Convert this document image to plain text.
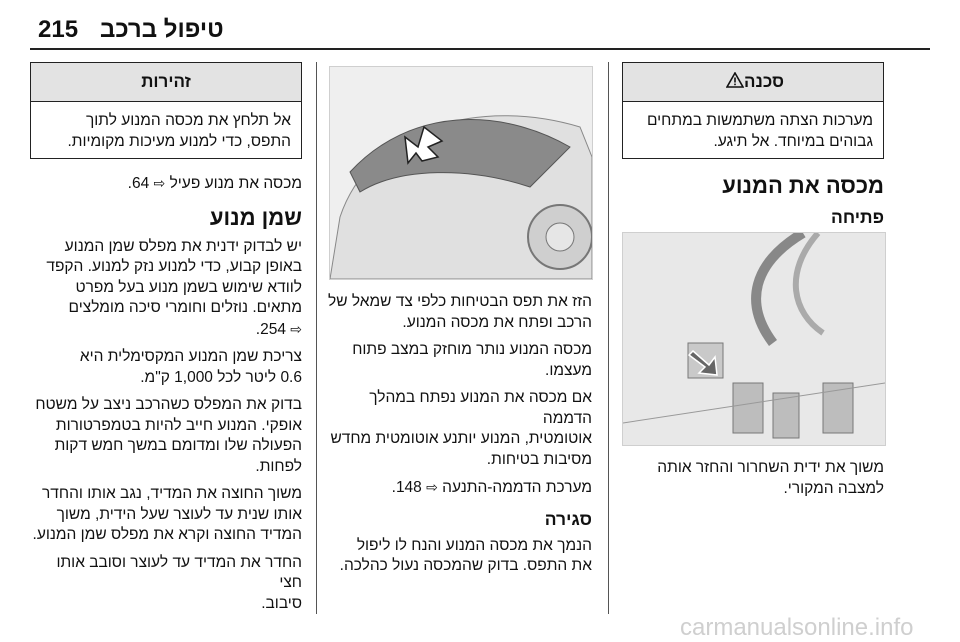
215 טיפול ברכב
סכנה
מערכות הצתה משתמשות במתחים
גבוהים במיוחד. אל תיגע.
מכסה את המנוע
פתיחה

משוך את ידית השחרור והחזר אותה

למצבה המקורי.

הזז את תפס הבטיחות כלפי צד שמאל של
הרכב ופתח את מכסה המנוע.

מכסה המנוע נותר מוחזק במצב פתוח
מעצמו.

אם מכסה את המנוע נפתח במהלך הדממה
אוטומטית, המנוע יותנע אוטומטית מחדש
מסיבות בטיחות.

מערכת הדממה-התנעה ⇨ 148.

סגירה

הנמך את מכסה המנוע והנח לו ליפול
את התפס. בדוק שהמכסה נעול כהלכה.

זהירות
אל תלחץ את מכסה המנוע לתוך
התפס, כדי למנוע מעיכות מקומיות.

מכסה את מנוע פעיל ⇨ 64.

שמן מנוע

יש לבדוק ידנית את מפלס שמן המנוע
באופן קבוע, כדי למנוע נזק למנוע. הקפד
לוודא שימוש בשמן מנוע בעל מפרט
מתאים. נוזלים וחומרי סיכה מומלצים
⇨ 254.

צריכת שמן המנוע המקסימלית היא
0.6 ליטר לכל 1,000 ק"מ.

בדוק את המפלס כשהרכב ניצב על משטח
אופקי. המנוע חייב להיות בטמפרטורות
הפעולה שלו ומדומם במשך חמש דקות
לפחות.

משוך החוצה את המדיד, נגב אותו והחדר
אותו שנית עד לעוצר שעל הידית, משוך
המדיד החוצה וקרא את מפלס שמן המנוע.

החדר את המדיד עד לעוצר וסובב אותו חצי
סיבוב.

carmanualsonline.info
